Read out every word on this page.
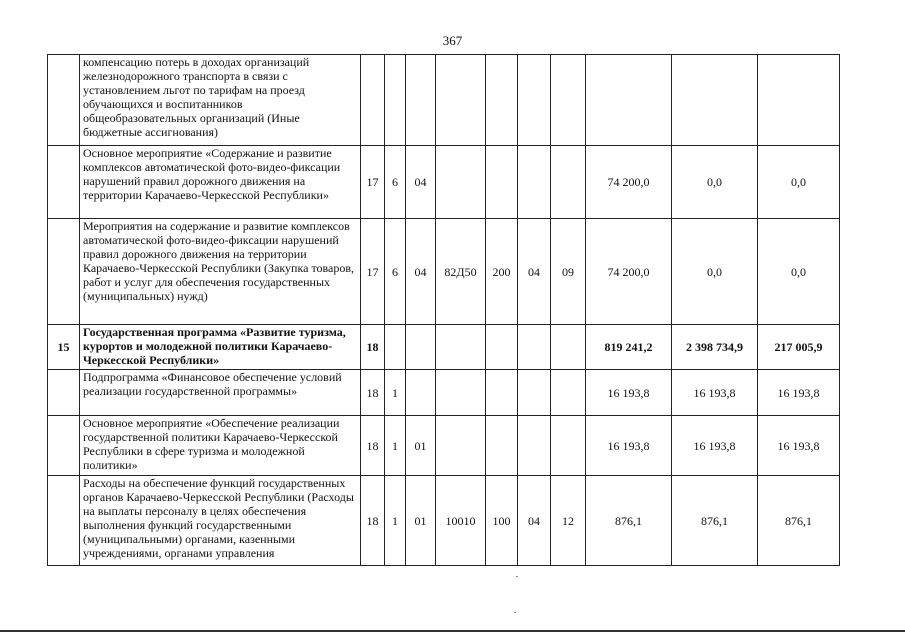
367
	компенсацию потерь в доходах организаций железнодорожного транспорта в связи с установлением льгот по тарифам на проезд обучающихся и воспитанников общеобразовательных организаций (Иные бюджетные ассигнования)										
	Основное мероприятие «Содержание и развитие комплексов автоматической фото-видео-фиксации нарушений правил дорожного движения на территории Карачаево-Черкесской Республики»	17	6	04					74 200,0	0,0	0,0
	Мероприятия на содержание и развитие комплексов автоматической фото-видео-фиксации нарушений правил дорожного движения на территории Карачаево-Черкесской Республики (Закупка товаров, работ и услуг для обеспечения государственных (муниципальных) нужд)	17	6	04	82Д50	200	04	09	74 200,0	0,0	0,0
15	Государственная программа «Развитие туризма, курортов и молодежной политики Карачаево-Черкесской Республики»	18							819 241,2	2 398 734,9	217 005,9
	Подпрограмма «Финансовое обеспечение условий реализации государственной программы»	18	1						16 193,8	16 193,8	16 193,8
	Основное мероприятие «Обеспечение реализации государственной политики Карачаево-Черкесской Республики в сфере туризма и молодежной политики»	18	1	01					16 193,8	16 193,8	16 193,8
	Расходы на обеспечение функций государственных органов Карачаево-Черкесской Республики (Расходы на выплаты персоналу в целях обеспечения выполнения функций государственными (муниципальными) органами, казенными учреждениями, органами управления	18	1	01	10010	100	04	12	876,1	876,1	876,1
